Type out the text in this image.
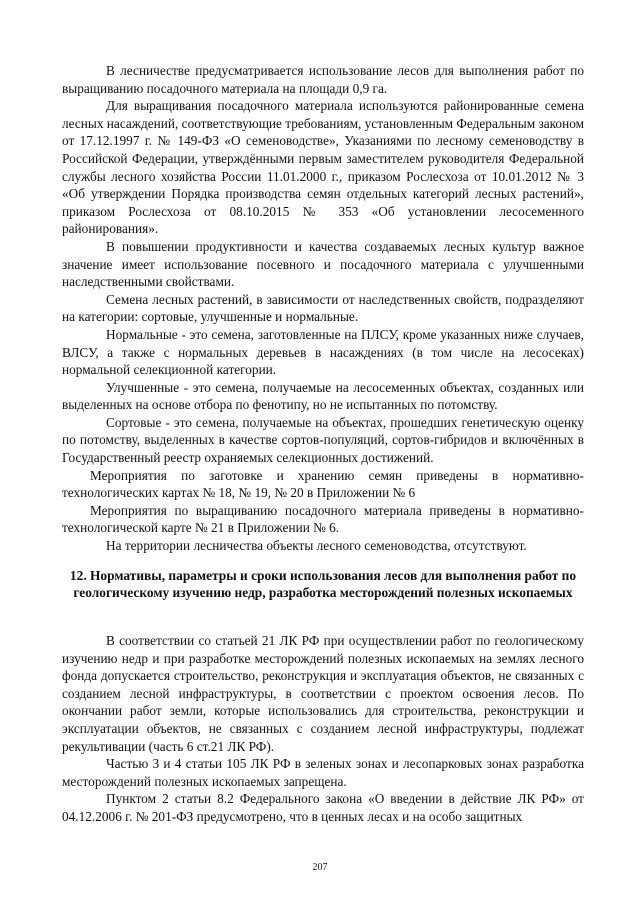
В лесничестве предусматривается использование лесов для выполнения работ по выращиванию посадочного материала на площади 0,9 га.

Для выращивания посадочного материала используются районированные семена лесных насаждений, соответствующие требованиям, установленным Федеральным законом от 17.12.1997 г. № 149-ФЗ «О семеноводстве», Указаниями по лесному семеноводству в Российской Федерации, утверждёнными первым заместителем руководителя Федеральной службы лесного хозяйства России 11.01.2000 г., приказом Рослесхоза от 10.01.2012 № 3 «Об утверждении Порядка производства семян отдельных категорий лесных растений», приказом Рослесхоза от 08.10.2015 № 353 «Об установлении лесосеменного районирования».

В повышении продуктивности и качества создаваемых лесных культур важное значение имеет использование посевного и посадочного материала с улучшенными наследственными свойствами.

Семена лесных растений, в зависимости от наследственных свойств, подразделяют на категории: сортовые, улучшенные и нормальные.

Нормальные - это семена, заготовленные на ПЛСУ, кроме указанных ниже случаев, ВЛСУ, а также с нормальных деревьев в насаждениях (в том числе на лесосеках) нормальной селекционной категории.

Улучшенные - это семена, получаемые на лесосеменных объектах, созданных или выделенных на основе отбора по фенотипу, но не испытанных по потомству.

Сортовые - это семена, получаемые на объектах, прошедших генетическую оценку по потомству, выделенных в качестве сортов-популяций, сортов-гибридов и включённых в Государственный реестр охраняемых селекционных достижений.

Мероприятия по заготовке и хранению семян приведены в нормативно-технологических картах № 18, № 19, № 20 в Приложении № 6

Мероприятия по выращиванию посадочного материала приведены в нормативно-технологической карте № 21 в Приложении № 6.

На территории лесничества объекты лесного семеноводства, отсутствуют.

12. Нормативы, параметры и сроки использования лесов для выполнения работ по геологическому изучению недр, разработка месторождений полезных ископаемых

В соответствии со статьей 21 ЛК РФ при осуществлении работ по геологическому изучению недр и при разработке месторождений полезных ископаемых на землях лесного фонда допускается строительство, реконструкция и эксплуатация объектов, не связанных с созданием лесной инфраструктуры, в соответствии с проектом освоения лесов. По окончании работ земли, которые использовались для строительства, реконструкции и эксплуатации объектов, не связанных с созданием лесной инфраструктуры, подлежат рекультивации (часть 6 ст.21 ЛК РФ).

Частью 3 и 4 статьи 105 ЛК РФ в зеленых зонах и лесопарковых зонах разработка месторождений полезных ископаемых запрещена.

Пунктом 2 статьи 8.2 Федерального закона «О введении в действие ЛК РФ» от 04.12.2006 г. № 201-ФЗ предусмотрено, что в ценных лесах и на особо защитных

207
